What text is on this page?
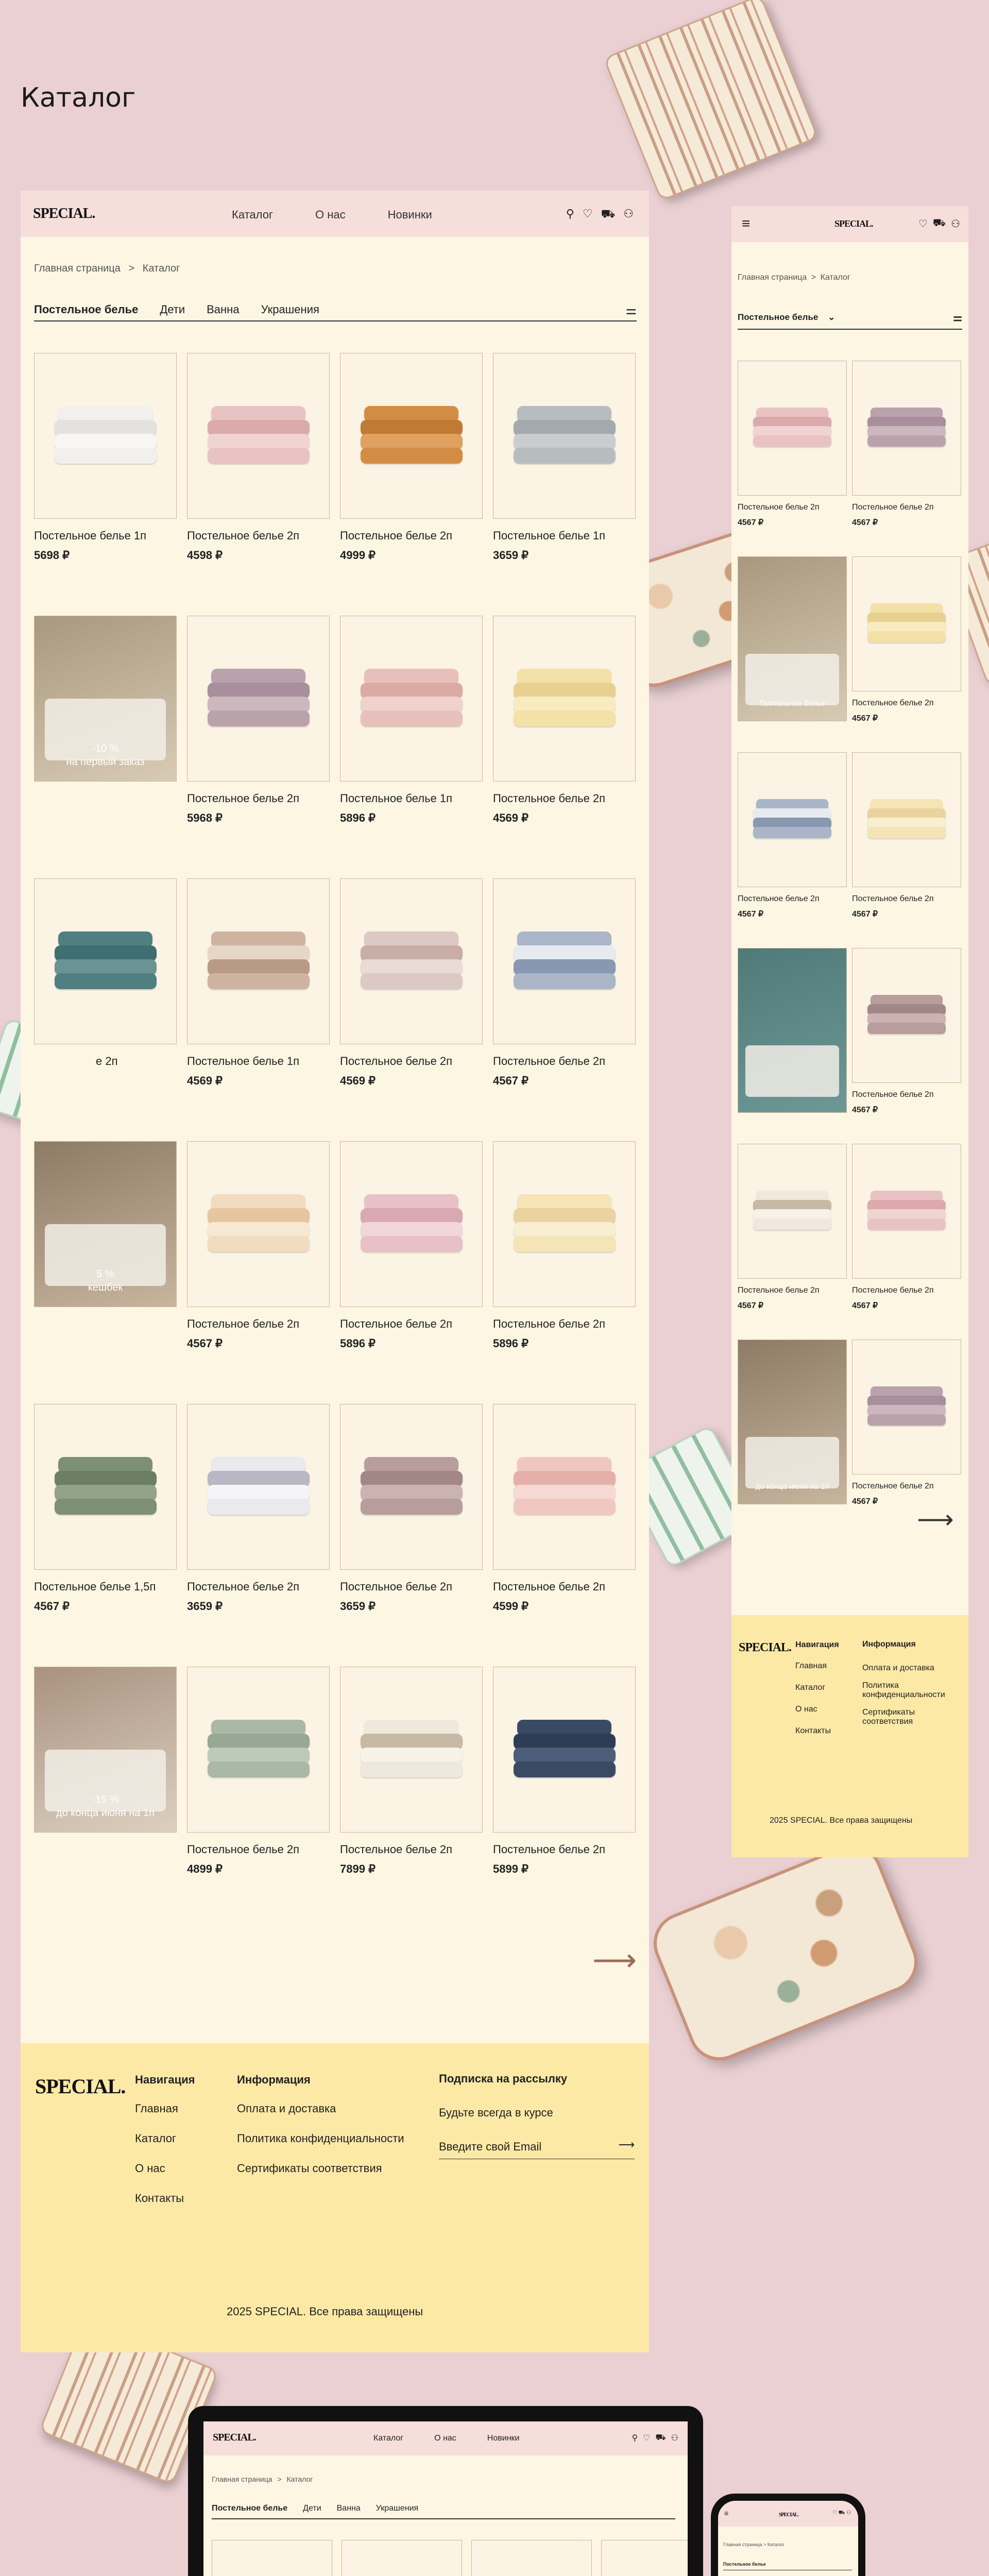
Каталог
SPECIAL.	Каталог	О нас	Новинки	⚲ ♡ ⛟ ⚇
Главная страница > Каталог
Постельное белье Дети Ванна Украшения	⚌
Постельное белье 1п
5698 ₽
Постельное белье 2п
4598 ₽
Постельное белье 2п
4999 ₽
Постельное белье 1п
3659 ₽
-10 %
на первый заказ
Постельное белье 2п
5968 ₽
Постельное белье 1п
5896 ₽
Постельное белье 2п
4569 ₽
е 2п	Постельное белье 1п
4569 ₽
Постельное белье 2п
4569 ₽
Постельное белье 2п
4567 ₽
5 %
кешбек
Постельное белье 2п
4567 ₽
Постельное белье 2п
5896 ₽
Постельное белье 2п
5896 ₽
Постельное белье 1,5п
4567 ₽
Постельное белье 2п
3659 ₽
Постельное белье 2п
3659 ₽
Постельное белье 2п
4599 ₽
-15 %
до конца июня на 1п
Постельное белье 2п
4899 ₽
Постельное белье 2п
7899 ₽
Постельное белье 2п
5899 ₽
⟶
SPECIAL. Навигация
Главная
Каталог
О нас
Контакты
Информация
Оплата и доставка
Политика конфиденциальности
Сертификаты соответствия
Подписка на рассылку
Будьте всегда в курсе
Введите свой Email	⟶
2025 SPECIAL. Все права защищены
≡	SPECIAL.	♡ ⛟ ⚇
Главная страница > Каталог
Постельное белье ⌄	⚌
Постельное белье 2п
4567 ₽
Постельное белье 2п
4567 ₽
Постельное белье	Постельное белье 2п
4567 ₽
Постельное белье 2п
4567 ₽
Постельное белье 2п
4567 ₽
Постельное белье 2п
4567 ₽
Постельное белье 2п
4567 ₽
Постельное белье 2п
4567 ₽
до конца июня на 1п	Постельное белье 2п
4567 ₽
⟶
SPECIAL. Навигация
Главная
Каталог
О нас
Контакты
Информация
Оплата и доставка
Политика конфиденциальности
Сертификаты соответствия
2025 SPECIAL. Все права защищены
SPECIAL.	Каталог	О нас	Новинки	⚲ ♡ ⛟ ⚇
Главная страница > Каталог
Постельное белье Дети Ванна Украшения
≡	SPECIAL.	♡ ⛟ ⚇
Главная страница > Каталог
Постельное белье
